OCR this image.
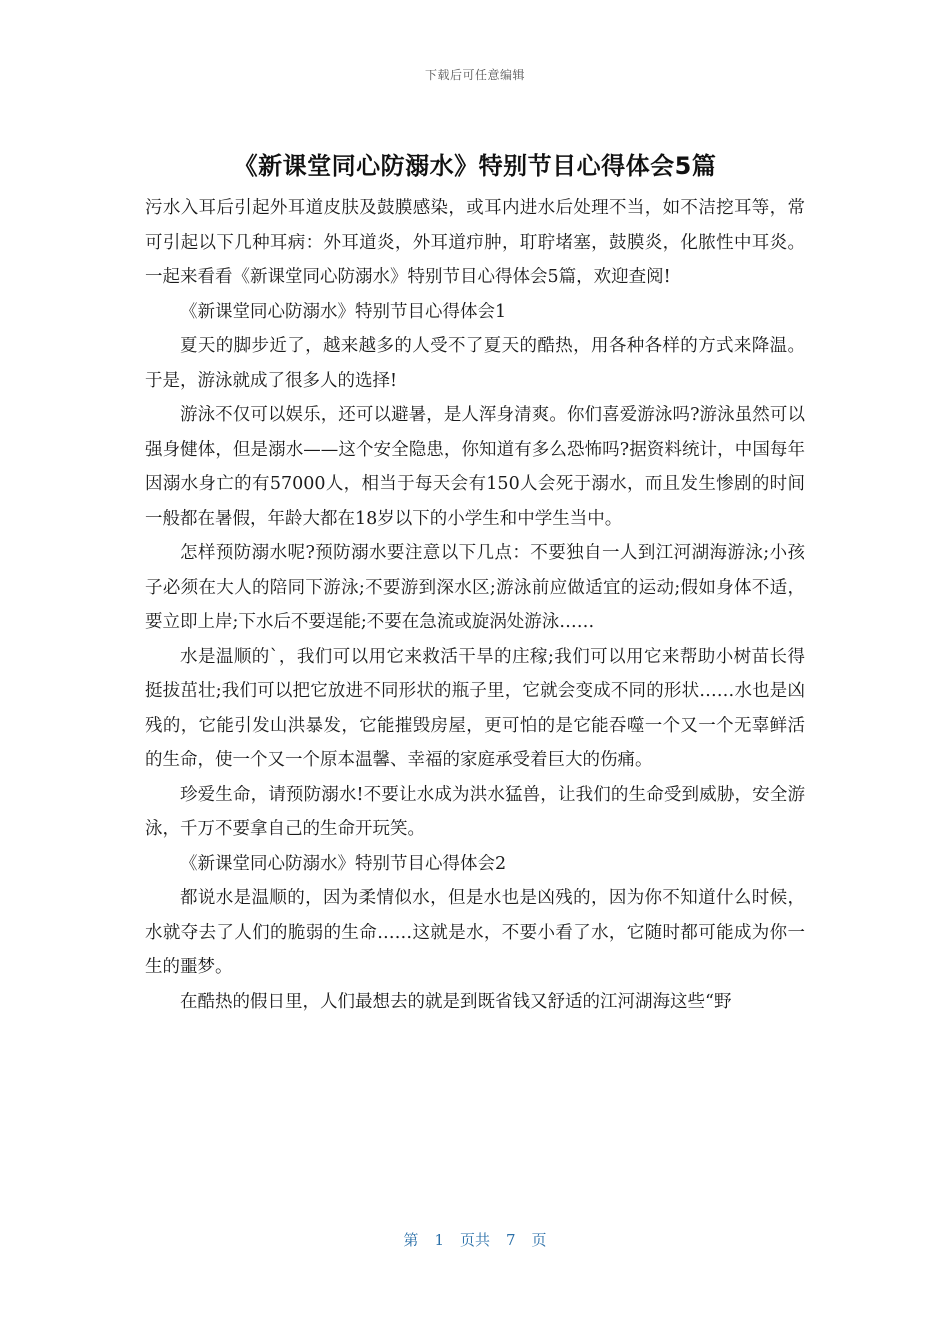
下载后可任意编辑
《新课堂同心防溺水》特别节目心得体会5篇

污水入耳后引起外耳道皮肤及鼓膜感染，或耳内进水后处理不当，如不洁挖耳等，常可引起以下几种耳病：外耳道炎，外耳道疖肿，耵聍堵塞，鼓膜炎，化脓性中耳炎。一起来看看《新课堂同心防溺水》特别节目心得体会5篇，欢迎查阅!

《新课堂同心防溺水》特别节目心得体会1

夏天的脚步近了，越来越多的人受不了夏天的酷热，用各种各样的方式来降温。于是，游泳就成了很多人的选择!

游泳不仅可以娱乐，还可以避暑，是人浑身清爽。你们喜爱游泳吗?游泳虽然可以强身健体，但是溺水——这个安全隐患，你知道有多么恐怖吗?据资料统计，中国每年因溺水身亡的有57000人，相当于每天会有150人会死于溺水，而且发生惨剧的时间一般都在暑假，年龄大都在18岁以下的小学生和中学生当中。

怎样预防溺水呢?预防溺水要注意以下几点：不要独自一人到江河湖海游泳;小孩子必须在大人的陪同下游泳;不要游到深水区;游泳前应做适宜的运动;假如身体不适，要立即上岸;下水后不要逞能;不要在急流或旋涡处游泳……

水是温顺的`，我们可以用它来救活干旱的庄稼;我们可以用它来帮助小树苗长得挺拔茁壮;我们可以把它放进不同形状的瓶子里，它就会变成不同的形状……水也是凶残的，它能引发山洪暴发，它能摧毁房屋，更可怕的是它能吞噬一个又一个无辜鲜活的生命，使一个又一个原本温馨、幸福的家庭承受着巨大的伤痛。

珍爱生命，请预防溺水!不要让水成为洪水猛兽，让我们的生命受到威胁，安全游泳，千万不要拿自己的生命开玩笑。

《新课堂同心防溺水》特别节目心得体会2

都说水是温顺的，因为柔情似水，但是水也是凶残的，因为你不知道什么时候，水就夺去了人们的脆弱的生命……这就是水，不要小看了水，它随时都可能成为你一生的噩梦。

在酷热的假日里，人们最想去的就是到既省钱又舒适的江河湖海这些“野

第 1 页共 7 页
